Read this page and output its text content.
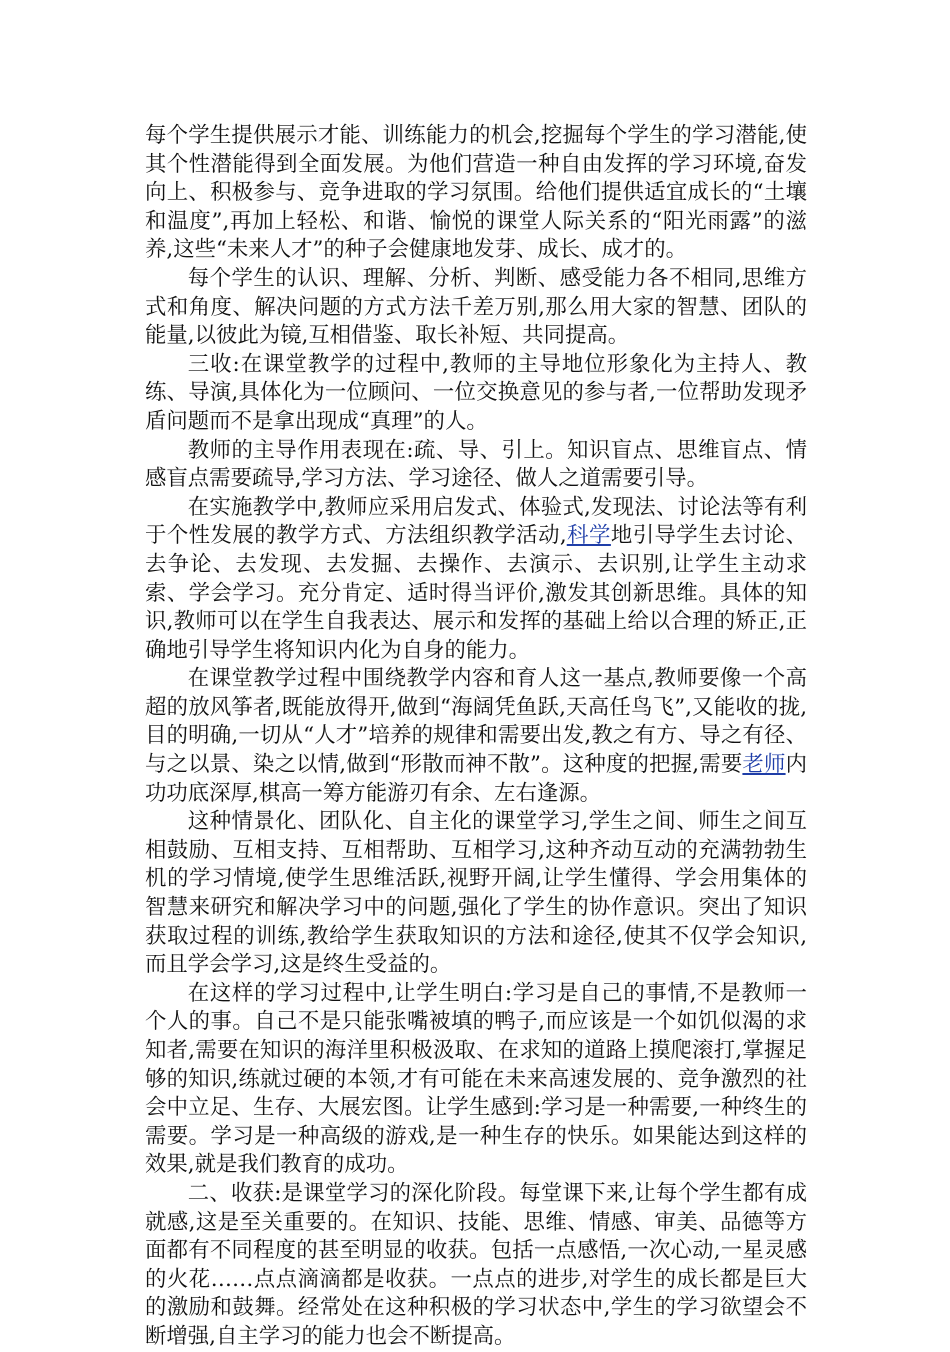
每个学生提供展示才能、训练能力的机会,挖掘每个学生的学习潜能,使其个性潜能得到全面发展。为他们营造一种自由发挥的学习环境,奋发向上、积极参与、竞争进取的学习氛围。给他们提供适宜成长的“土壤和温度”,再加上轻松、和谐、愉悦的课堂人际关系的“阳光雨露”的滋养,这些“未来人才”的种子会健康地发芽、成长、成才的。

每个学生的认识、理解、分析、判断、感受能力各不相同,思维方式和角度、解决问题的方式方法千差万别,那么用大家的智慧、团队的能量,以彼此为镜,互相借鉴、取长补短、共同提高。

三收:在课堂教学的过程中,教师的主导地位形象化为主持人、教练、导演,具体化为一位顾问、一位交换意见的参与者,一位帮助发现矛盾问题而不是拿出现成“真理”的人。

教师的主导作用表现在:疏、导、引上。知识盲点、思维盲点、情感盲点需要疏导,学习方法、学习途径、做人之道需要引导。

在实施教学中,教师应采用启发式、体验式,发现法、讨论法等有利于个性发展的教学方式、方法组织教学活动,科学地引导学生去讨论、去争论、去发现、去发掘、去操作、去演示、去识别,让学生主动求索、学会学习。充分肯定、适时得当评价,激发其创新思维。具体的知识,教师可以在学生自我表达、展示和发挥的基础上给以合理的矫正,正确地引导学生将知识内化为自身的能力。

在课堂教学过程中围绕教学内容和育人这一基点,教师要像一个高超的放风筝者,既能放得开,做到“海阔凭鱼跃,天高任鸟飞”,又能收的拢,目的明确,一切从“人才”培养的规律和需要出发,教之有方、导之有径、与之以景、染之以情,做到“形散而神不散”。这种度的把握,需要老师内功功底深厚,棋高一筹方能游刃有余、左右逢源。

这种情景化、团队化、自主化的课堂学习,学生之间、师生之间互相鼓励、互相支持、互相帮助、互相学习,这种齐动互动的充满勃勃生机的学习情境,使学生思维活跃,视野开阔,让学生懂得、学会用集体的智慧来研究和解决学习中的问题,强化了学生的协作意识。突出了知识获取过程的训练,教给学生获取知识的方法和途径,使其不仅学会知识,而且学会学习,这是终生受益的。

在这样的学习过程中,让学生明白:学习是自己的事情,不是教师一个人的事。自己不是只能张嘴被填的鸭子,而应该是一个如饥似渴的求知者,需要在知识的海洋里积极汲取、在求知的道路上摸爬滚打,掌握足够的知识,练就过硬的本领,才有可能在未来高速发展的、竞争激烈的社会中立足、生存、大展宏图。让学生感到:学习是一种需要,一种终生的需要。学习是一种高级的游戏,是一种生存的快乐。如果能达到这样的效果,就是我们教育的成功。

二、收获:是课堂学习的深化阶段。每堂课下来,让每个学生都有成就感,这是至关重要的。在知识、技能、思维、情感、审美、品德等方面都有不同程度的甚至明显的收获。包括一点感悟,一次心动,一星灵感的火花……点点滴滴都是收获。一点点的进步,对学生的成长都是巨大的激励和鼓舞。经常处在这种积极的学习状态中,学生的学习欲望会不断增强,自主学习的能力也会不断提高。
